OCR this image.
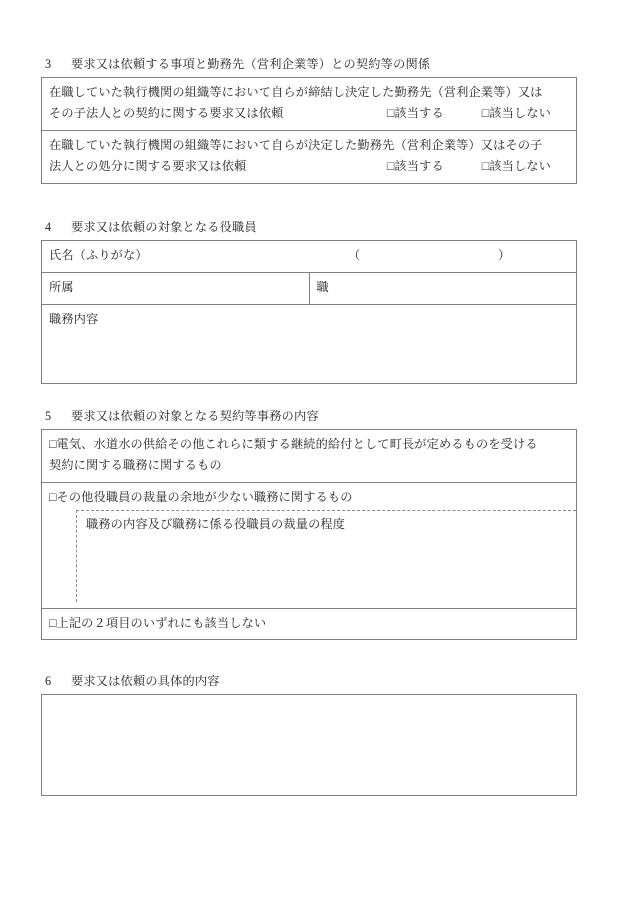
3 要求又は依頼する事項と勤務先（営利企業等）との契約等の関係
在職していた執行機関の組織等において自らが締結し決定した勤務先（営利企業等）又は
その子法人との契約に関する要求又は依頼	□該当する	□該当しない

在職していた執行機関の組織等において自らが決定した勤務先（営利企業等）又はその子
法人との処分に関する要求又は依頼	□該当する	□該当しない
4 要求又は依頼の対象となる役職員
氏名（ふりがな）	（	）

所属	職

職務内容
5 要求又は依頼の対象となる契約等事務の内容
□電気、水道水の供給その他これらに類する継続的給付として町長が定めるものを受ける
契約に関する職務に関するもの

□その他役職員の裁量の余地が少ない職務に関するもの
職務の内容及び職務に係る役職員の裁量の程度

□上記の２項目のいずれにも該当しない
6 要求又は依頼の具体的内容
